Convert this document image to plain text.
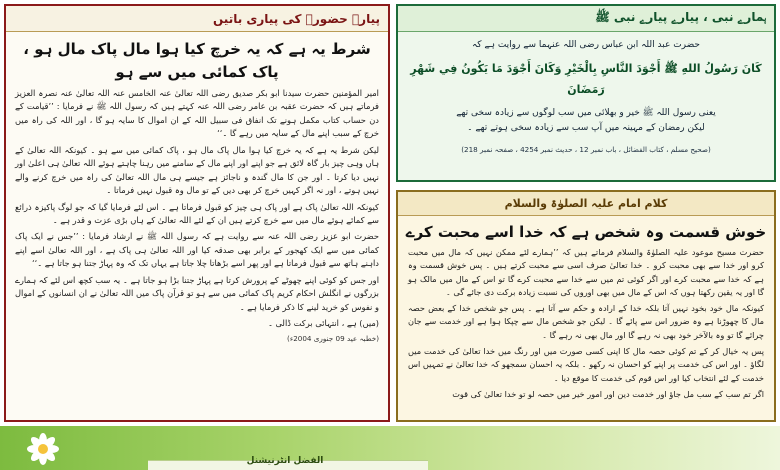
پیارے حضورۖ کی پیاری باتیں
شرط یہ ہے کہ یہ خرچ کیا ہوا مال پاک مال ہو ، پاک کمائی میں سے ہو

امیر المؤمنین حضرت سیدنا ابو بکر صدیق رضی اللہ تعالیٰ عنہ الخامس عنہ اللہ تعالیٰ عنہ نصرہ العزیز فرماتے ہیں کہ حضرت عقبہ بن عامر رضی اللہ عنہ کہتے ہیں کہ رسول اللہ ﷺ نے فرمایا : ’’قیامت کے دن حساب کتاب مکمل ہونے تک انفاق فی سبیل اللہ کے ان اموال کا سایہ ہو گا ، اور اللہ کی راہ میں خرچ کے سبب اپنے مال کے سایہ میں رہے گا ۔‘‘

لیکن شرط یہ ہے کہ یہ خرچ کیا ہوا مال پاک مال ہو ، پاک کمائی میں سے ہو ۔ کیونکہ اللہ تعالیٰ کے ہاں وہی چیز بار گاہ لائق ہے جو اپنے اور اپنے مال کے سامنے میں رہنا چاہتے ہوئے اللہ تعالیٰ ہی اعلیٰ اور نہیں دیا کرتا ۔ اور جن کا مال گندہ و ناجائز ہے جیسے ہی مال اللہ تعالیٰ کی راہ میں خرچ کرنے والے نہیں ہوتے ، اور نہ اگر کہیں خرچ کر بھی دیں کے تو مال وہ قبول نہیں فرماتا ۔

کیونکہ اللہ تعالیٰ پاک ہے اور پاک ہی چیز کو قبول فرماتا ہے ۔ اس لئے فرمایا گیا کہ جو لوگ پاکیزہ ذرائع سے کمائے ہوئے مال میں سے خرچ کرتے ہیں ان کے لئے اللہ تعالیٰ کے ہاں بڑی عزت و قدر ہے ۔

حضرت ابو عزیز رضی اللہ عنہ سے روایت ہے کہ رسول اللہ ﷺ نے ارشاد فرمایا : ’’جس نے ایک پاک کمائی میں سے ایک کھجور کے برابر بھی صدقہ کیا اور اللہ تعالیٰ ہی پاک ہے ، اور اللہ تعالیٰ اسے اپنے داہنے ہاتھ سے قبول فرماتا ہے اور پھر اسے بڑھاتا چلا جاتا ہے یہاں تک کہ وہ پہاڑ جتنا ہو جاتا ہے ۔‘‘

اور جس کو کوئی اپنے چھوٹے کے پرورش کرتا ہے پہاڑ جتنا بڑا ہو جاتا ہے ۔ یہ سب کچھ اس لئے کہ ہمارے بزرگوں نے انگلش احکام کریم پاک کمائی میں سے ہو تو قرآن پاک میں اللہ تعالیٰ نے ان انسانوں کے اموال و نفوس کو خرید لینے کا ذکر فرمایا ہے ۔

(میں) ہے ، انتہائی برکت ڈالی ۔

(خطبہ عید 09 جنوری 2004ء)

ہمارے نبی ، پیارے پیارے نبی ﷺ
حضرت عبد اللہ ابن عباس رضی اللہ عنہما سے روایت ہے کہ
كَانَ رَسُولُ اللهِ ﷺ أَجْوَدَ النَّاسِ بِالْخَيْرِ وَكَانَ أَجْوَدَ مَا يَكُونُ فِي شَهْرِ رَمَضَانَ
یعنی رسول اللہ ﷺ خیر و بھلائی میں سب لوگوں سے زیادہ سخی تھے
لیکن رمضان کے مہینہ میں آپ سب سے زیادہ سخی ہوتے تھے ۔
(صحیح مسلم ، کتاب الفضائل ، باب نمبر 12 ، حدیث نمبر 4254 ، صفحہ نمبر 218)
کلام امام علیہ الصلوٰۃ والسلام
خوش قسمت وہ شخص ہے کہ خدا اسے محبت کرے

حضرت مسیح موعود علیہ الصلوٰۃ والسلام فرماتے ہیں کہ ’’ہمارے لئے ممکن نہیں کہ مال میں محبت کرو اور خدا سے بھی محبت کرو ۔ خدا تعالیٰ صرف اسی سے محبت کرتے ہیں ۔ پس خوش قسمت وہ ہے کہ خدا سے محبت کرے اور اگر کوئی تم میں سے خدا سے محبت کرے گا تو اس کے مال میں مالک ہو گا اور یہ یقین رکھتا ہوں کہ اس کے مال میں بھی اوروں کی نسبت زیادہ برکت دی جائے گی ۔

کیونکہ مال خود بخود نہیں آتا بلکہ خدا کے ارادہ و حکم سے آتا ہے ۔ پس جو شخص خدا کے بعض حصہ مال کا چھوڑنا ہے وہ ضرور اس سے پائے گا ۔ لیکن جو شخص مال سے چپکا ہوا ہے اور خدمت سے جان چرائے گا تو وہ بالآخر خود بھی نہ رہے گا اور مال بھی نہ رہے گا ۔

پس یہ خیال کر کے تم کوئی حصہ مال کا اپنی کسی صورت میں اور رنگ میں خدا تعالیٰ کی خدمت میں لگاؤ ۔ اور اس کی خدمت پر اپنے کو احسان نہ رکھو ۔ بلکہ یہ احسان سمجھو کہ خدا تعالیٰ نے تمہیں اس خدمت کے لئے انتخاب کیا اور اس قوم کی خدمت کا موقع دیا ۔

اگر تم سب کے سب مل جاؤ اور خدمت دین اور امور خیر میں حصہ لو تو خدا تعالیٰ کی قوت

الفضل انٹرنیشنل
